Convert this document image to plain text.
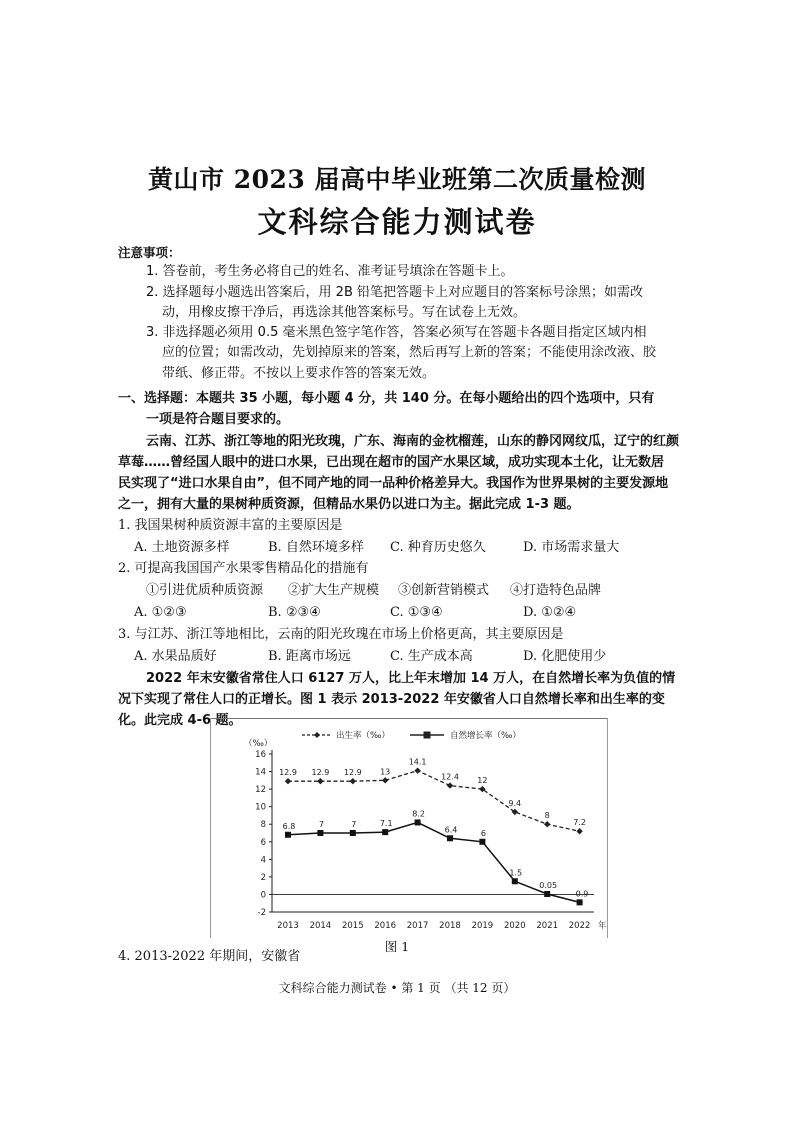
黄山市 2023 届高中毕业班第二次质量检测
文科综合能力测试卷
注意事项：
1. 答卷前，考生务必将自己的姓名、准考证号填涂在答题卡上。
2. 选择题每小题选出答案后，用 2B 铅笔把答题卡上对应题目的答案标号涂黑；如需改
动，用橡皮擦干净后，再选涂其他答案标号。写在试卷上无效。
3. 非选择题必须用 0.5 毫米黑色签字笔作答，答案必须写在答题卡各题目指定区域内相
应的位置；如需改动，先划掉原来的答案，然后再写上新的答案；不能使用涂改液、胶
带纸、修正带。不按以上要求作答的答案无效。
一、选择题：本题共 35 小题，每小题 4 分，共 140 分。在每小题给出的四个选项中，只有
一项是符合题目要求的。
云南、江苏、浙江等地的阳光玫瑰，广东、海南的金枕榴莲，山东的静冈网纹瓜，辽宁的红颜
草莓……曾经国人眼中的进口水果，已出现在超市的国产水果区域，成功实现本土化，让无数居
民实现了“进口水果自由”，但不同产地的同一品种价格差异大。我国作为世界果树的主要发源地
之一，拥有大量的果树种质资源，但精品水果仍以进口为主。据此完成 1-3 题。
1. 我国果树种质资源丰富的主要原因是
A. 土地资源多样	B. 自然环境多样 C. 种育历史悠久	D. 市场需求量大
2. 可提高我国国产水果零售精品化的措施有
①引进优质种质资源 ②扩大生产规模 ③创新营销模式 ④打造特色品牌
A. ①②③	B. ②③④	C. ①③④	D. ①②④
3. 与江苏、浙江等地相比，云南的阳光玫瑰在市场上价格更高，其主要原因是
A. 水果品质好	B. 距离市场远	C. 生产成本高	D. 化肥使用少
2022 年末安徽省常住人口 6127 万人，比上年末增加 14 万人，在自然增长率为负值的情
况下实现了常住人口的正增长。图 1 表示 2013-2022 年安徽省人口自然增长率和出生率的变
化。此完成 4-6 题。
16
14
12
10
8
6
4
2
0
-2
（‰）
2013 2014 2015 2016 2017 2018 2019 2020 2021 2022 年
出生率（‰）	自然增长率（‰）
12.9 12.9 12.9 13
14.1
12.4 12
9.4
8
7.2
6.8	7	7	7.1
8.2
6.4	6
1.5
0.05
-0.9
图 1
4. 2013-2022 年期间，安徽省
文科综合能力测试卷 • 第 1 页 （共 12 页）
